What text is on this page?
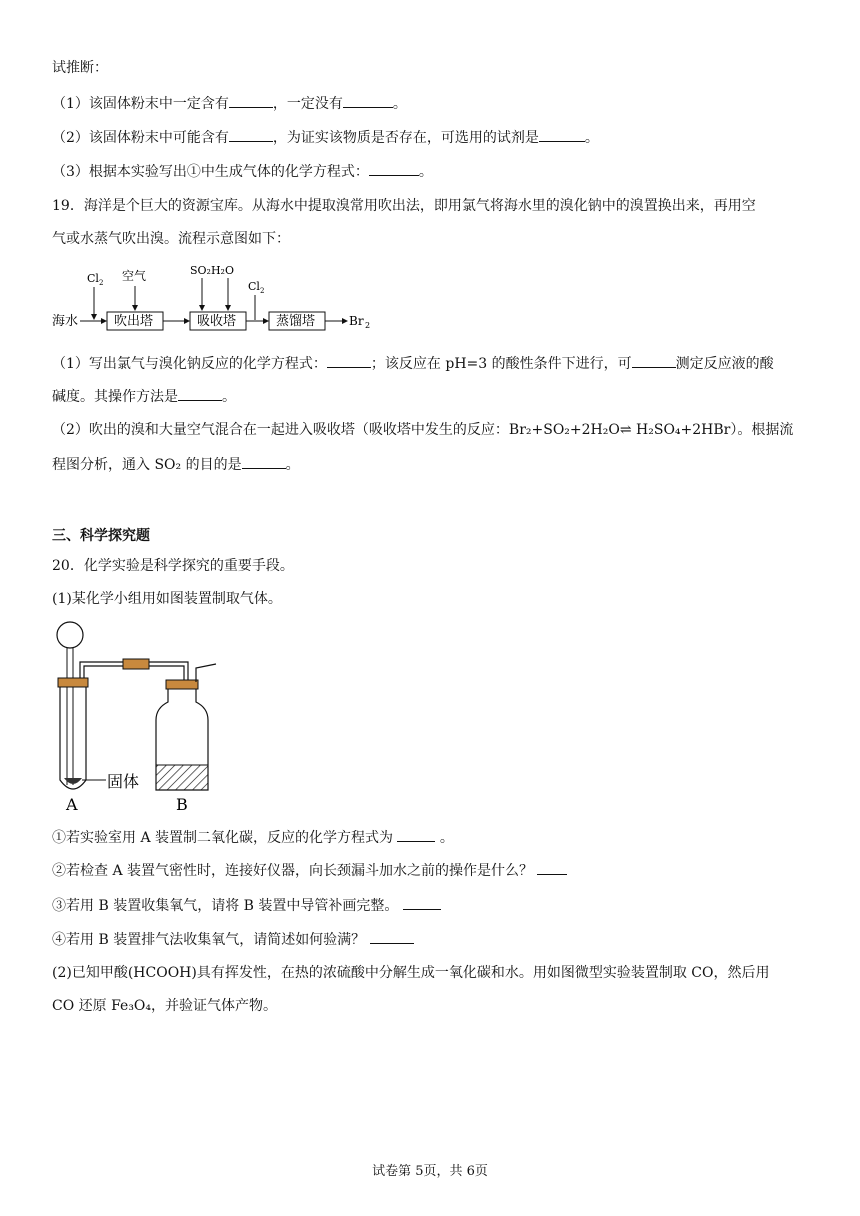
试推断：
（1）该固体粉末中一定含有	，一定没有	。
（2）该固体粉末中可能含有	，为证实该物质是否存在，可选用的试剂是	。
（3）根据本实验写出①中生成气体的化学方程式：	。
19．海洋是个巨大的资源宝库。从海水中提取溴常用吹出法，即用氯气将海水里的溴化钠中的溴置换出来，再用空
气或水蒸气吹出溴。流程示意图如下：
海水	吹出塔	吸收塔	蒸馏塔	Br 2
Cl 2 空气	SO₂H₂O
Cl 2
（1）写出氯气与溴化钠反应的化学方程式：	；该反应在 pH=3 的酸性条件下进行，可	测定反应液的酸
碱度。其操作方法是	。
（2）吹出的溴和大量空气混合在一起进入吸收塔（吸收塔中发生的反应：Br₂+SO₂+2H₂O⇌ H₂SO₄+2HBr）。根据流
程图分析，通入 SO₂ 的目的是	。
三、科学探究题
20．化学实验是科学探究的重要手段。
(1)某化学小组用如图装置制取气体。
固体
A	B
①若实验室用 A 装置制二氧化碳，反应的化学方程式为	。
②若检查 A 装置气密性时，连接好仪器，向长颈漏斗加水之前的操作是什么？
③若用 B 装置收集氧气，请将 B 装置中导管补画完整。
④若用 B 装置排气法收集氧气，请简述如何验满？
(2)已知甲酸(HCOOH)具有挥发性，在热的浓硫酸中分解生成一氧化碳和水。用如图微型实验装置制取 CO，然后用
CO 还原 Fe₃O₄，并验证气体产物。
试卷第 5页，共 6页
